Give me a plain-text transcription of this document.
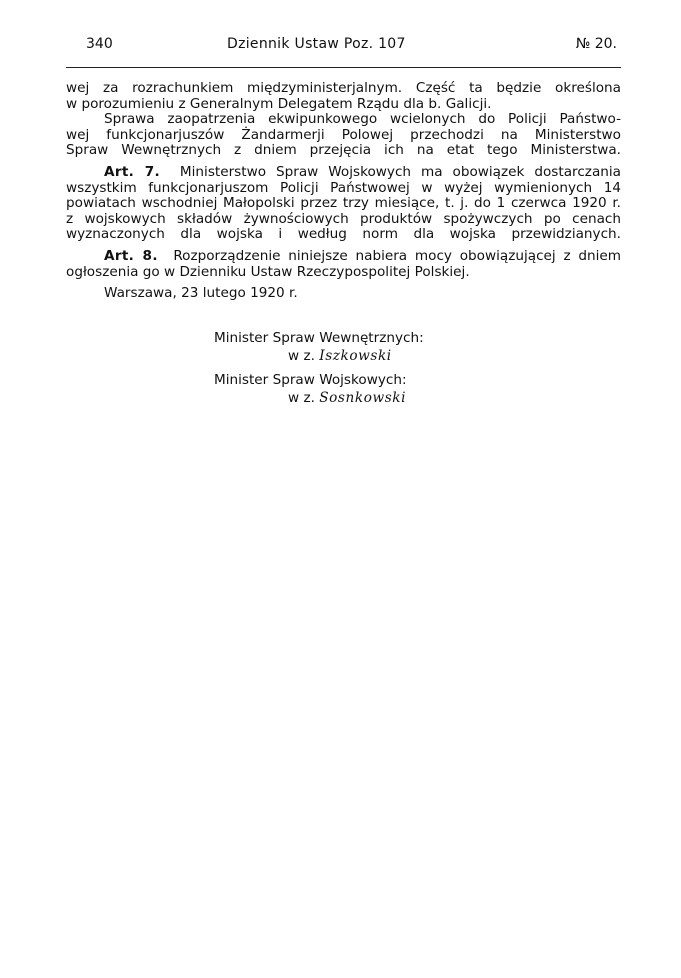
340	Dziennik Ustaw Poz. 107	№ 20.
wej za rozrachunkiem międzyministerjalnym. Część ta będzie określona
w porozumieniu z Generalnym Delegatem Rządu dla b. Galicji.
Sprawa zaopatrzenia ekwipunkowego wcielonych do Policji Państwo-
wej funkcjonarjuszów Żandarmerji Polowej przechodzi na Ministerstwo
Spraw Wewnętrznych z dniem przejęcia ich na etat tego Ministerstwa.
Art. 7. Ministerstwo Spraw Wojskowych ma obowiązek dostarczania
wszystkim funkcjonarjuszom Policji Państwowej w wyżej wymienionych 14
powiatach wschodniej Małopolski przez trzy miesiące, t. j. do 1 czerwca 1920 r.
z wojskowych składów żywnościowych produktów spożywczych po cenach
wyznaczonych dla wojska i według norm dla wojska przewidzianych.
Art. 8. Rozporządzenie niniejsze nabiera mocy obowiązującej z dniem
ogłoszenia go w Dzienniku Ustaw Rzeczypospolitej Polskiej.
Warszawa, 23 lutego 1920 r.
Minister Spraw Wewnętrznych:
w z. Iszkowski
Minister Spraw Wojskowych:
w z. Sosnkowski
